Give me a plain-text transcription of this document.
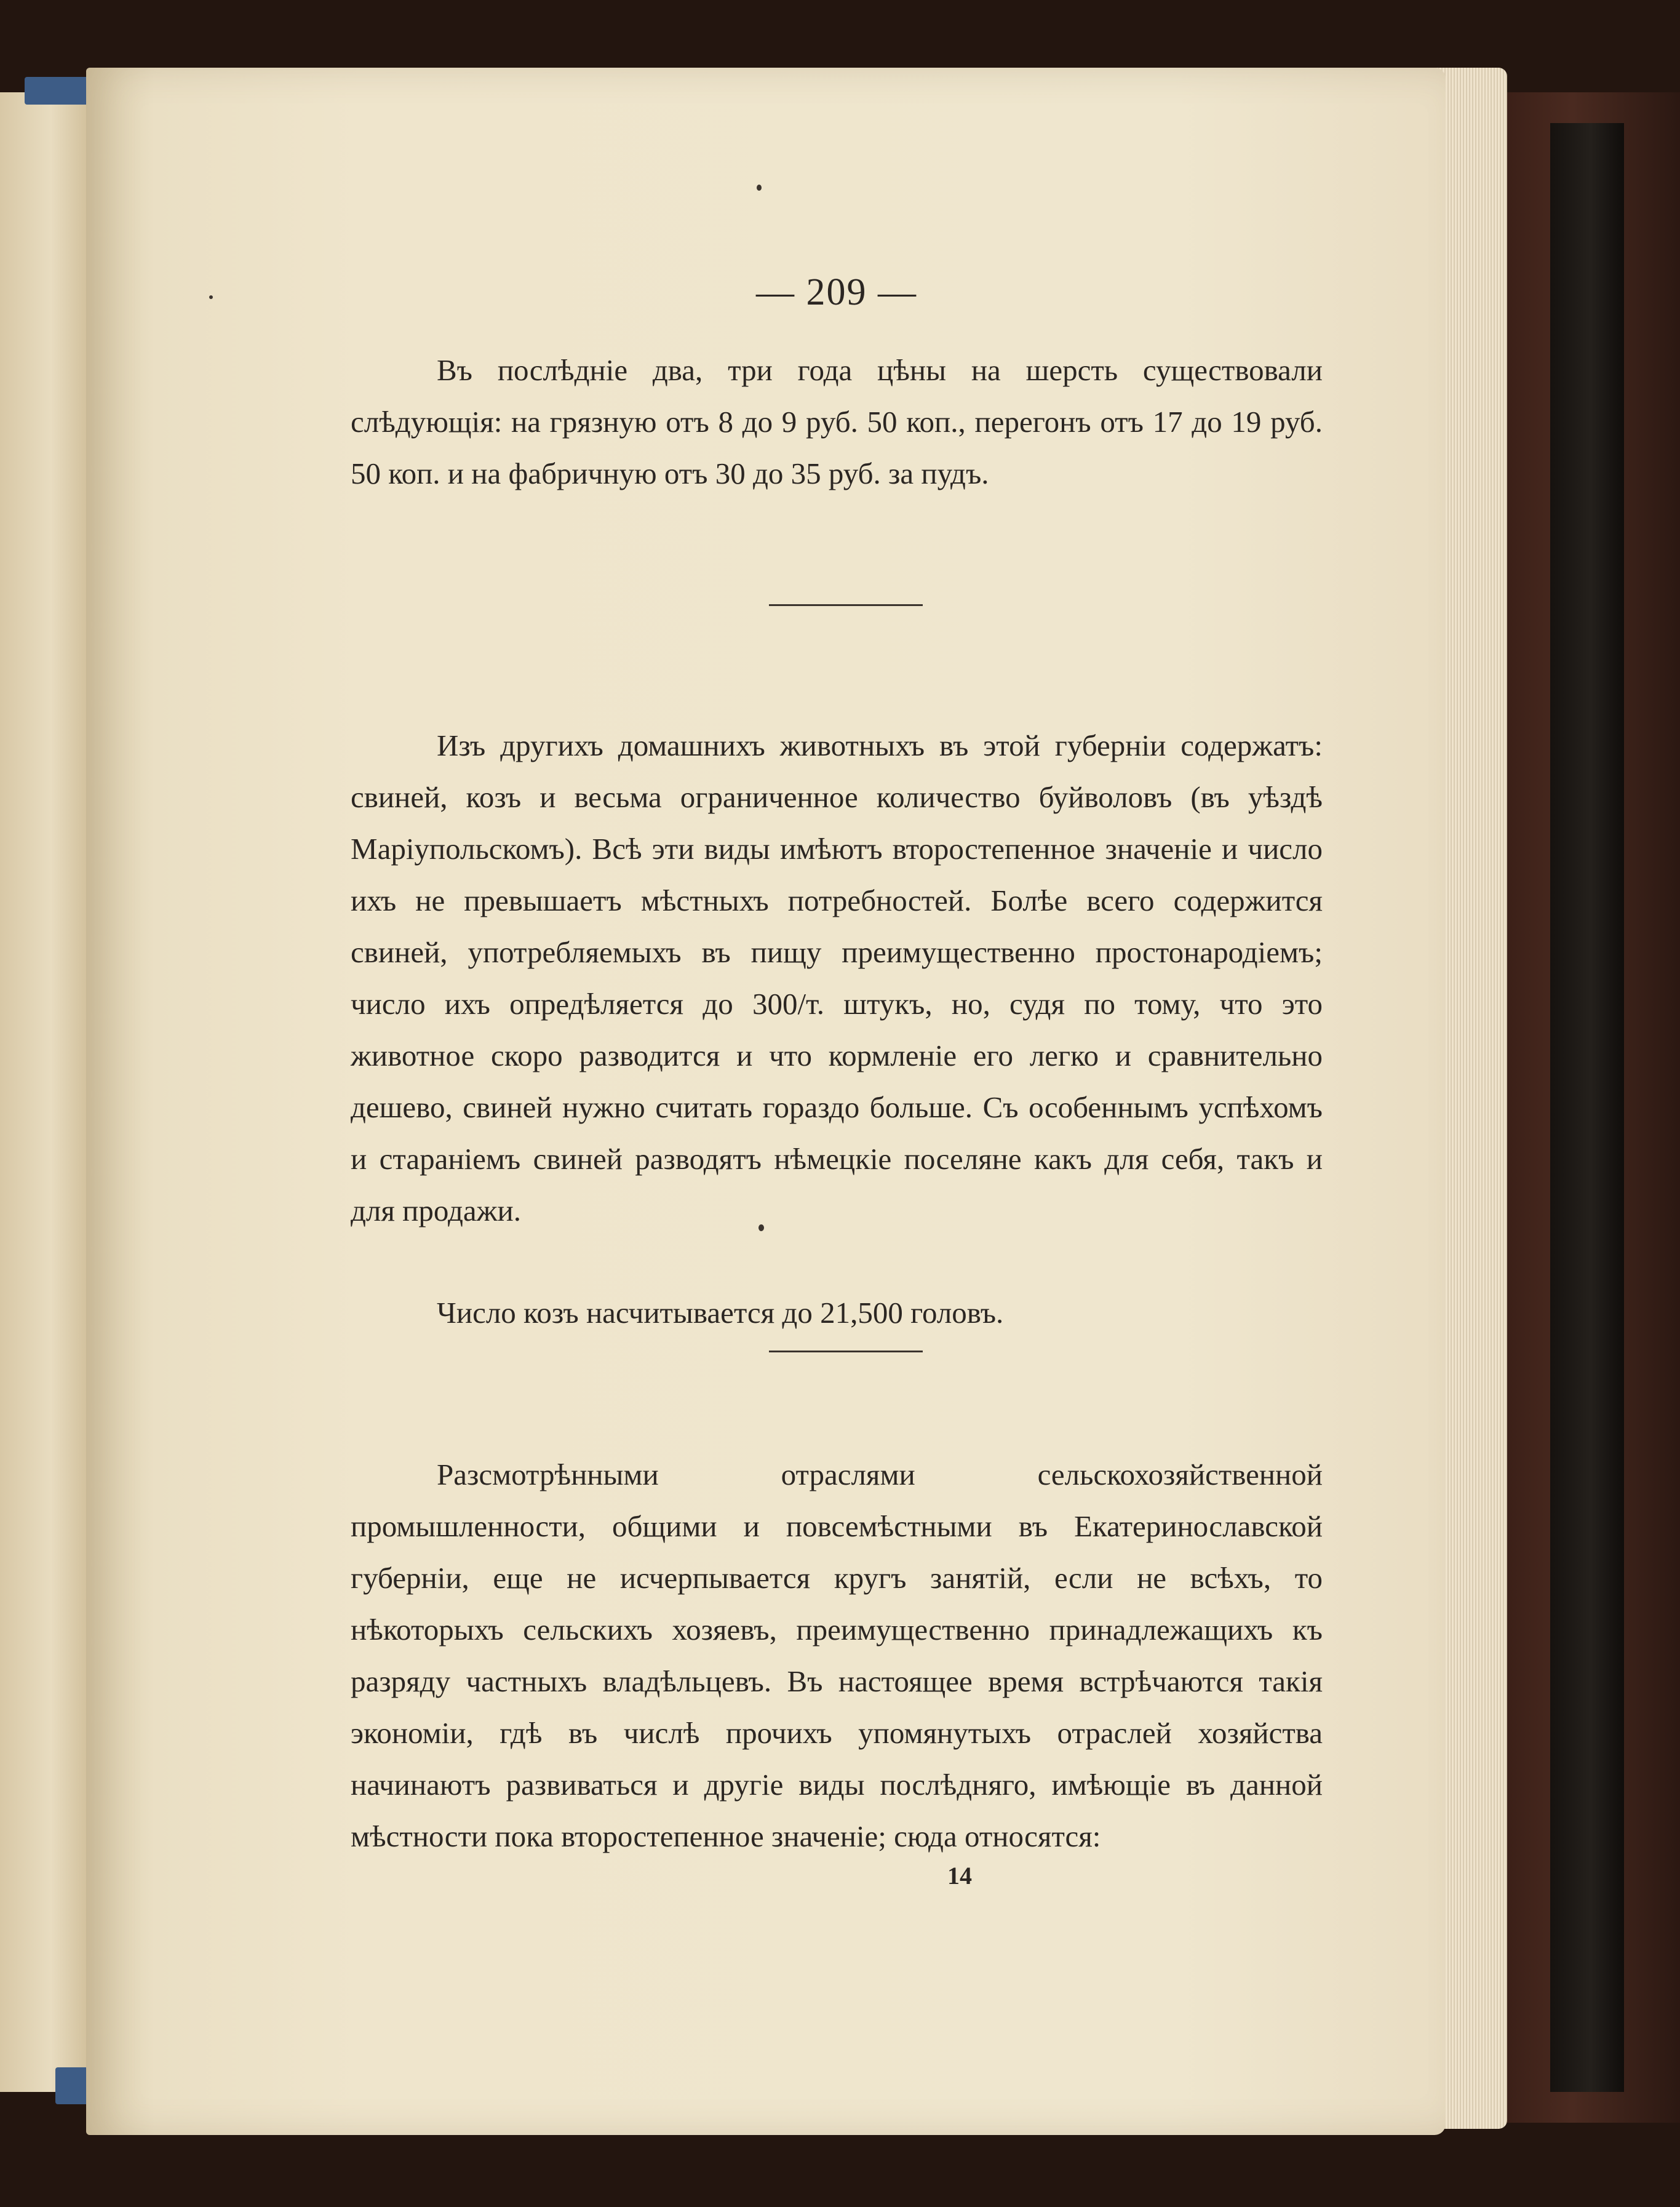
— 209 —

Въ послѣдніе два, три года цѣны на шерсть существовали слѣдующія: на грязную отъ 8 до 9 руб. 50 коп., перегонъ отъ 17 до 19 руб. 50 коп. и на фабричную отъ 30 до 35 руб. за пудъ.

Изъ другихъ домашнихъ животныхъ въ этой губерніи содержатъ: свиней, козъ и весьма ограниченное количество буйволовъ (въ уѣздѣ Маріупольскомъ). Всѣ эти виды имѣютъ второстепенное значеніе и число ихъ не превышаетъ мѣстныхъ потребностей. Болѣе всего содержится свиней, употребляемыхъ въ пищу преимущественно простонародіемъ; число ихъ опредѣляется до 300/т. штукъ, но, судя по тому, что это животное скоро разводится и что кормленіе его легко и сравнительно дешево, свиней нужно считать гораздо больше. Съ особеннымъ успѣхомъ и стараніемъ свиней разводятъ нѣмецкіе поселяне какъ для себя, такъ и для продажи.

Число козъ насчитывается до 21,500 головъ.

Разсмотрѣнными отраслями сельскохозяйственной промышленности, общими и повсемѣстными въ Екатеринославской губерніи, еще не исчерпывается кругъ занятій, если не всѣхъ, то нѣкоторыхъ сельскихъ хозяевъ, преимущественно принадлежащихъ къ разряду частныхъ владѣльцевъ. Въ настоящее время встрѣчаются такія экономіи, гдѣ въ числѣ прочихъ упомянутыхъ отраслей хозяйства начинаютъ развиваться и другіе виды послѣдняго, имѣющіе въ данной мѣстности пока второстепенное значеніе; сюда относятся:

14
